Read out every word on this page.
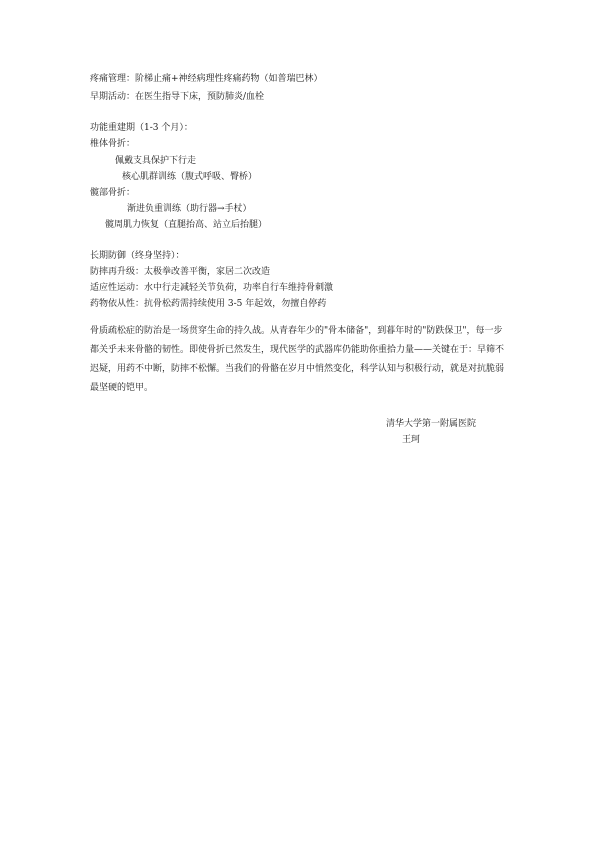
疼痛管理：阶梯止痛+神经病理性疼痛药物（如普瑞巴林）
早期活动：在医生指导下床，预防肺炎/血栓
功能重建期（1-3 个月）：
椎体骨折：
佩戴支具保护下行走
核心肌群训练（腹式呼吸、臀桥）
髋部骨折：
渐进负重训练（助行器→手杖）
髋周肌力恢复（直腿抬高、站立后抬腿）
长期防御（终身坚持）：
防摔再升级：太极拳改善平衡，家居二次改造
适应性运动：水中行走减轻关节负荷，功率自行车维持骨刺激
药物依从性：抗骨松药需持续使用 3-5 年起效，勿擅自停药
骨质疏松症的防治是一场贯穿生命的持久战。从青春年少的"骨本储备"，到暮年时的"防跌保卫"，每一步都关乎未来骨骼的韧性。即使骨折已然发生，现代医学的武器库仍能助你重拾力量——关键在于：早筛不迟疑，用药不中断，防摔不松懈。当我们的骨骼在岁月中悄然变化，科学认知与积极行动，就是对抗脆弱最坚硬的铠甲。
清华大学第一附属医院
王珂
